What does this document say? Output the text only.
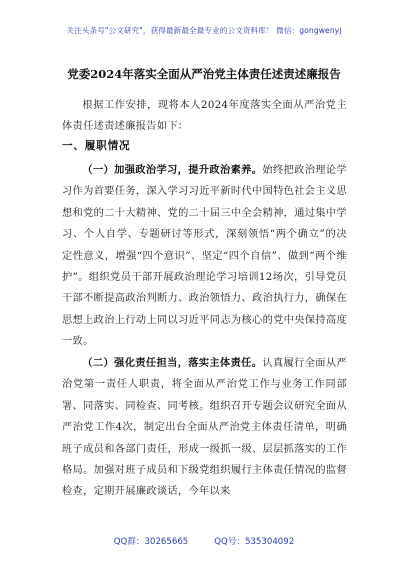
关注头条号"公文研究"，获得最新最全最专业的公文资料库！ 微信：gongwenyj
党委2024年落实全面从严治党主体责任述责述廉报告
根据工作安排，现将本人2024年度落实全面从严治党主体责任述责述廉报告如下：
一、履职情况
（一）加强政治学习，提升政治素养。始终把政治理论学习作为首要任务，深入学习习近平新时代中国特色社会主义思想和党的二十大精神、党的二十届三中全会精神，通过集中学习、个人自学、专题研讨等形式，深刻领悟“两个确立”的决定性意义，增强“四个意识”、坚定“四个自信”、做到“两个维护”。组织党员干部开展政治理论学习培训12场次，引导党员干部不断提高政治判断力、政治领悟力、政治执行力，确保在思想上政治上行动上同以习近平同志为核心的党中央保持高度一致。
（二）强化责任担当，落实主体责任。认真履行全面从严治党第一责任人职责，将全面从严治党工作与业务工作同部署、同落实、同检查、同考核。组织召开专题会议研究全面从严治党工作4次，制定出台全面从严治党主体责任清单，明确班子成员和各部门责任，形成一级抓一级、层层抓落实的工作格局。加强对班子成员和下级党组织履行主体责任情况的监督检查，定期开展廉政谈话，今年以来
QQ群：30265665	QQ号：535304092
